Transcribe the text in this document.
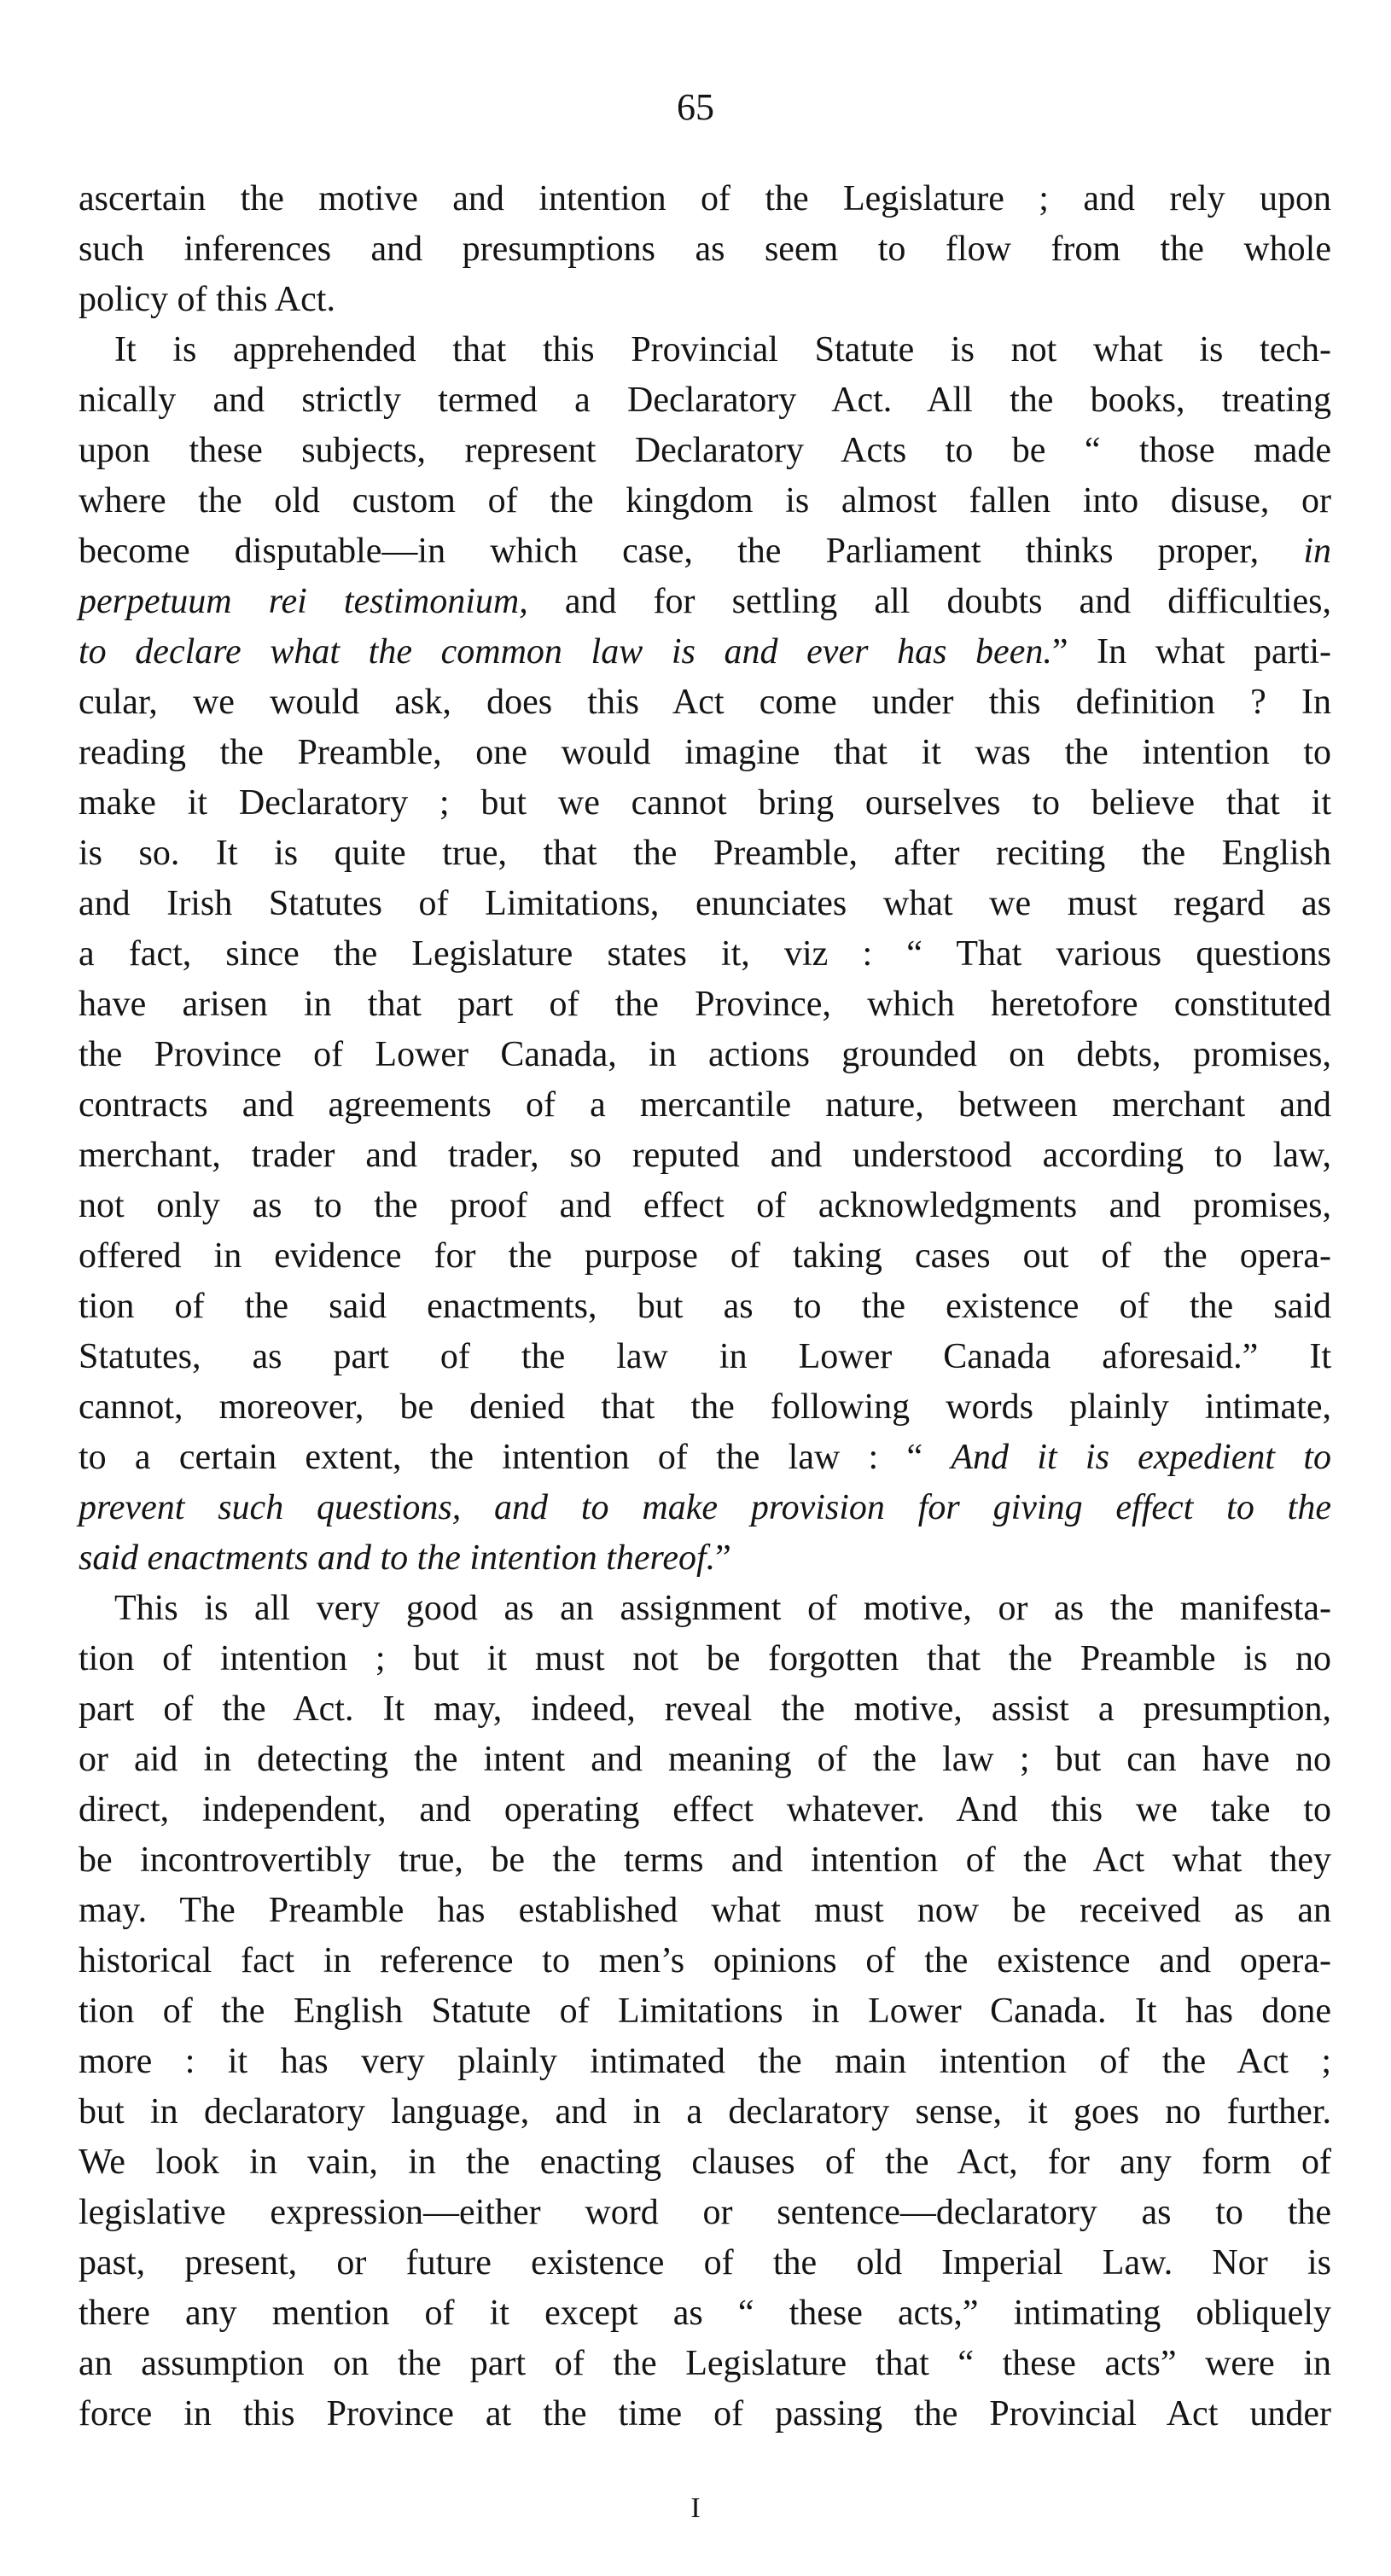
65
ascertain the motive and intention of the Legislature ; and rely upon
such inferences and presumptions as seem to flow from the whole
policy of this Act.
It is apprehended that this Provincial Statute is not what is tech-
nically and strictly termed a Declaratory Act. All the books, treating
upon these subjects, represent Declaratory Acts to be “ those made
where the old custom of the kingdom is almost fallen into disuse, or
become disputable—in which case, the Parliament thinks proper, in
perpetuum rei testimonium, and for settling all doubts and difficulties,
to declare what the common law is and ever has been.” In what parti-
cular, we would ask, does this Act come under this definition ? In
reading the Preamble, one would imagine that it was the intention to
make it Declaratory ; but we cannot bring ourselves to believe that it
is so. It is quite true, that the Preamble, after reciting the English
and Irish Statutes of Limitations, enunciates what we must regard as
a fact, since the Legislature states it, viz : “ That various questions
have arisen in that part of the Province, which heretofore constituted
the Province of Lower Canada, in actions grounded on debts, promises,
contracts and agreements of a mercantile nature, between merchant and
merchant, trader and trader, so reputed and understood according to law,
not only as to the proof and effect of acknowledgments and promises,
offered in evidence for the purpose of taking cases out of the opera-
tion of the said enactments, but as to the existence of the said
Statutes, as part of the law in Lower Canada aforesaid.” It
cannot, moreover, be denied that the following words plainly intimate,
to a certain extent, the intention of the law : “ And it is expedient to
prevent such questions, and to make provision for giving effect to the
said enactments and to the intention thereof.”
This is all very good as an assignment of motive, or as the manifesta-
tion of intention ; but it must not be forgotten that the Preamble is no
part of the Act. It may, indeed, reveal the motive, assist a presumption,
or aid in detecting the intent and meaning of the law ; but can have no
direct, independent, and operating effect whatever. And this we take to
be incontrovertibly true, be the terms and intention of the Act what they
may. The Preamble has established what must now be received as an
historical fact in reference to men’s opinions of the existence and opera-
tion of the English Statute of Limitations in Lower Canada. It has done
more : it has very plainly intimated the main intention of the Act ;
but in declaratory language, and in a declaratory sense, it goes no further.
We look in vain, in the enacting clauses of the Act, for any form of
legislative expression—either word or sentence—declaratory as to the
past, present, or future existence of the old Imperial Law. Nor is
there any mention of it except as “ these acts,” intimating obliquely
an assumption on the part of the Legislature that “ these acts” were in
force in this Province at the time of passing the Provincial Act under
I
